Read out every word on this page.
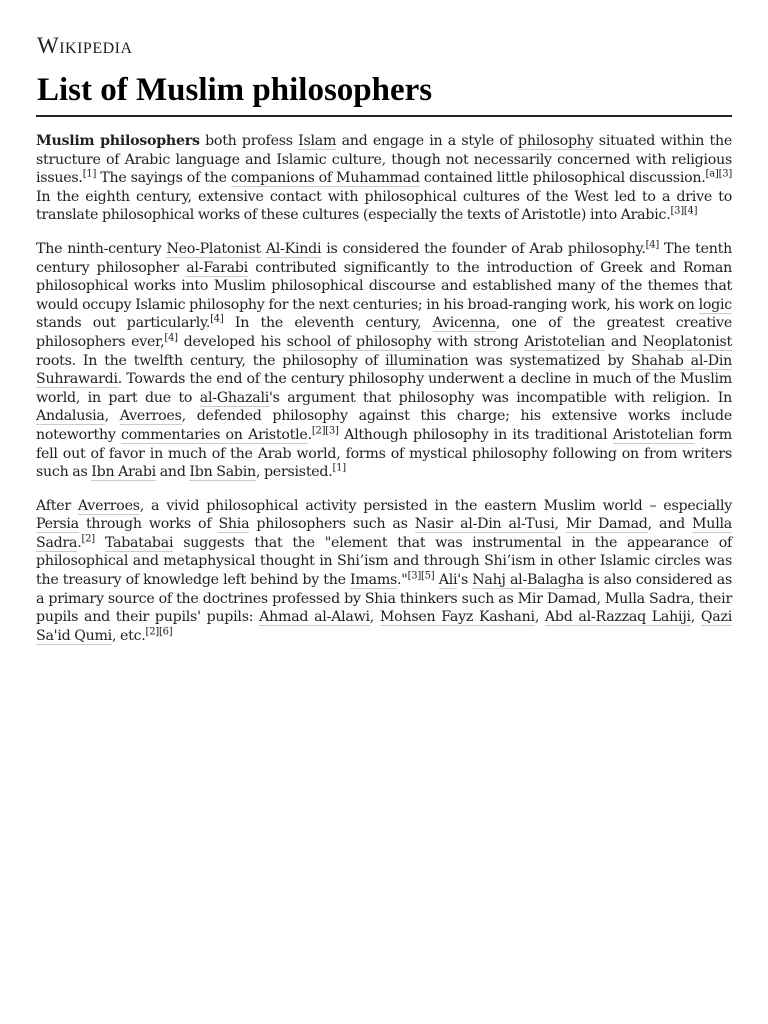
Wikipedia
List of Muslim philosophers

Muslim philosophers both profess Islam and engage in a style of philosophy situated within the structure of Arabic language and Islamic culture, though not necessarily concerned with religious issues.[1] The sayings of the companions of Muhammad contained little philosophical discussion.[a][3] In the eighth century, extensive contact with philosophical cultures of the West led to a drive to translate philosophical works of these cultures (especially the texts of Aristotle) into Arabic.[3][4]

The ninth-century Neo-Platonist Al-Kindi is considered the founder of Arab philosophy.[4] The tenth century philosopher al-Farabi contributed significantly to the introduction of Greek and Roman philosophical works into Muslim philosophical discourse and established many of the themes that would occupy Islamic philosophy for the next centuries; in his broad-ranging work, his work on logic stands out particularly.[4] In the eleventh century, Avicenna, one of the greatest creative philosophers ever,[4] developed his school of philosophy with strong Aristotelian and Neoplatonist roots. In the twelfth century, the philosophy of illumination was systematized by Shahab al-Din Suhrawardi. Towards the end of the century philosophy underwent a decline in much of the Muslim world, in part due to al-Ghazali's argument that philosophy was incompatible with religion. In Andalusia, Averroes, defended philosophy against this charge; his extensive works include noteworthy commentaries on Aristotle.[2][3] Although philosophy in its traditional Aristotelian form fell out of favor in much of the Arab world, forms of mystical philosophy following on from writers such as Ibn Arabi and Ibn Sabin, persisted.[1]

After Averroes, a vivid philosophical activity persisted in the eastern Muslim world – especially Persia through works of Shia philosophers such as Nasir al-Din al-Tusi, Mir Damad, and Mulla Sadra.[2] Tabatabai suggests that the "element that was instrumental in the appearance of philosophical and metaphysical thought in Shi’ism and through Shi’ism in other Islamic circles was the treasury of knowledge left behind by the Imams."[3][5] Ali's Nahj al-Balagha is also considered as a primary source of the doctrines professed by Shia thinkers such as Mir Damad, Mulla Sadra, their pupils and their pupils' pupils: Ahmad al-Alawi, Mohsen Fayz Kashani, Abd al-Razzaq Lahiji, Qazi Sa'id Qumi, etc.[2][6]
